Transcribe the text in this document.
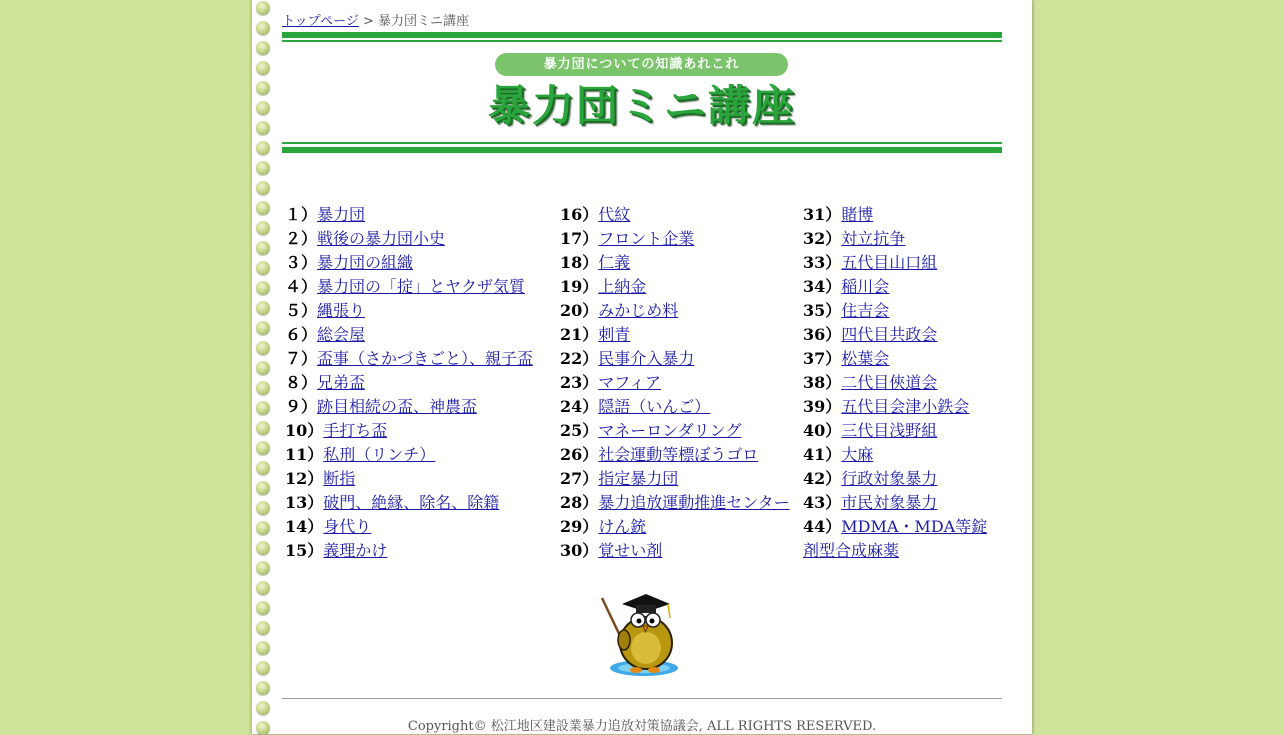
トップページ > 暴力団ミニ講座
暴力団についての知識あれこれ
暴力団ミニ講座
１）暴力団
２）戦後の暴力団小史
３）暴力団の組織
４）暴力団の「掟」とヤクザ気質
５）縄張り
６）総会屋
７）盃事（さかづきごと）、親子盃
８）兄弟盃
９）跡目相続の盃、神農盃
10）手打ち盃
11）私刑（リンチ）
12）断指
13）破門、絶縁、除名、除籍
14）身代り
15）義理かけ
16）代紋
17）フロント企業
18）仁義
19）上納金
20）みかじめ料
21）刺青
22）民事介入暴力
23）マフィア
24）隠語（いんご）
25）マネーロンダリング
26）社会運動等標ぼうゴロ
27）指定暴力団
28）暴力追放運動推進センター
29）けん銃
30）覚せい剤
31）賭博
32）対立抗争
33）五代目山口組
34）稲川会
35）住吉会
36）四代目共政会
37）松葉会
38）二代目俠道会
39）五代目会津小鉄会
40）三代目浅野組
41）大麻
42）行政対象暴力
43）市民対象暴力
44）MDMA・MDA等錠剤型合成麻薬
Copyright© 松江地区建設業暴力追放対策協議会, ALL RIGHTS RESERVED.
